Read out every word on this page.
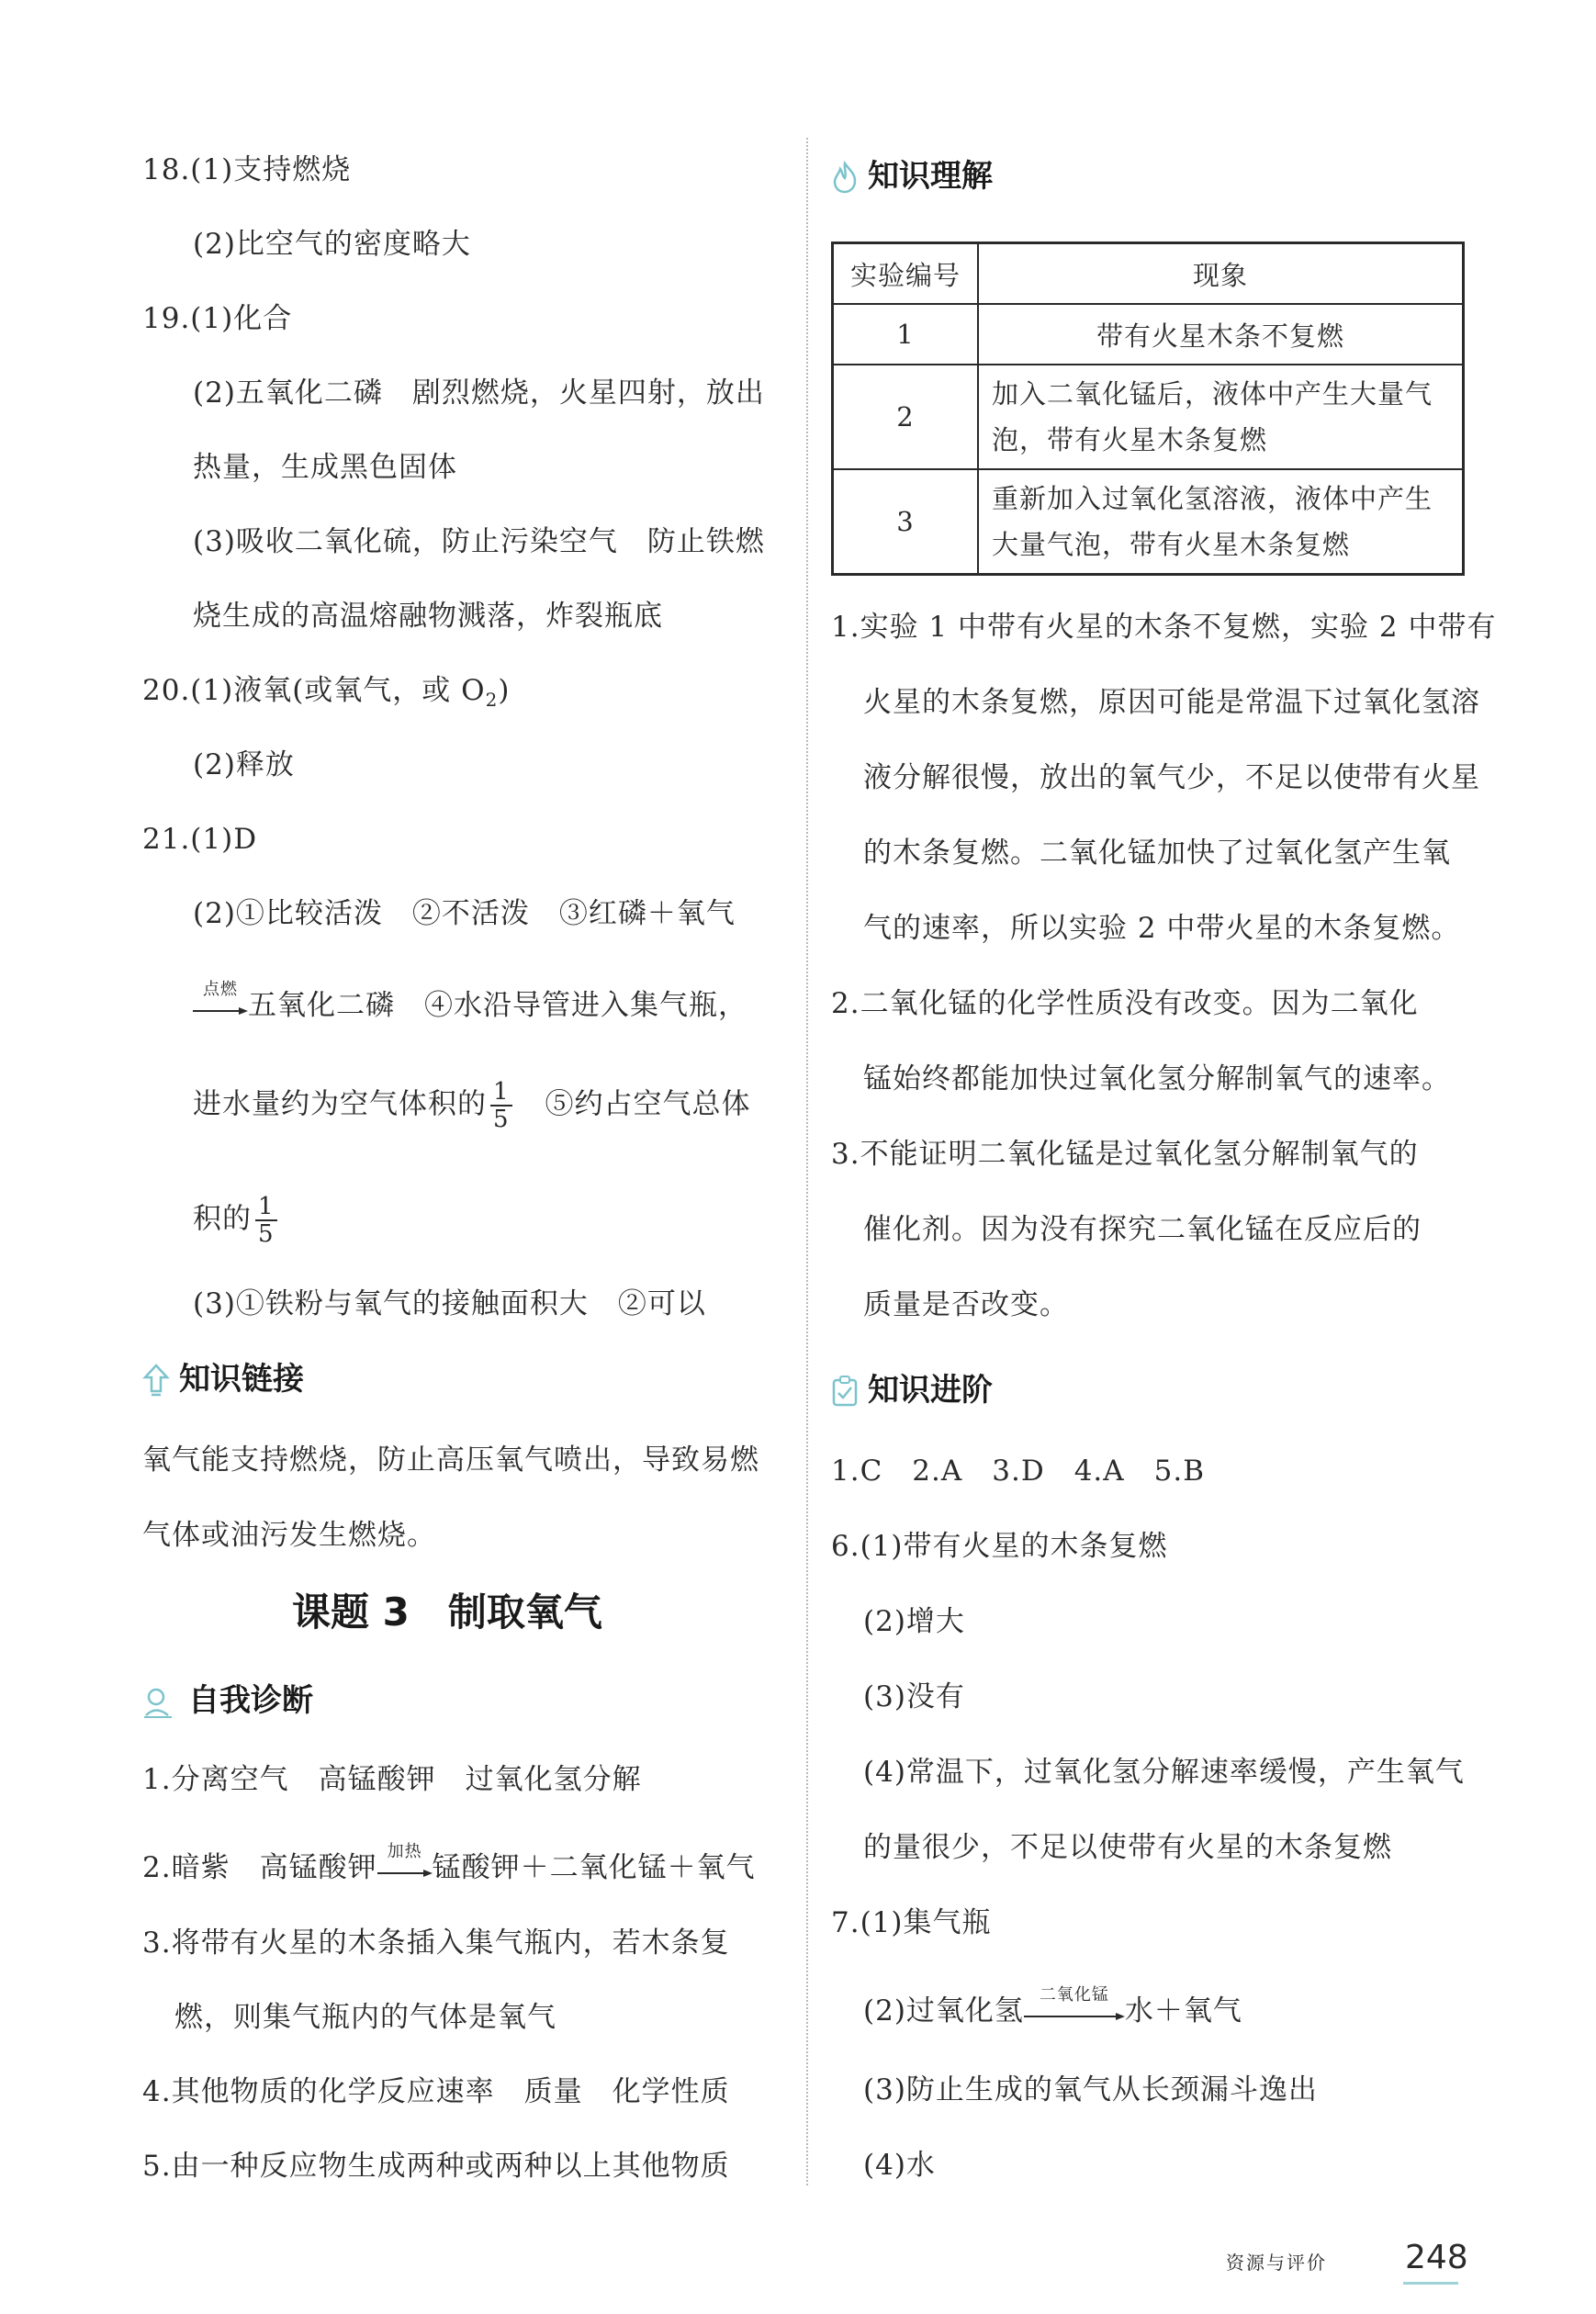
18.(1)支持燃烧
(2)比空气的密度略大
19.(1)化合
(2)五氧化二磷　剧烈燃烧，火星四射，放出
热量，生成黑色固体
(3)吸收二氧化硫，防止污染空气　防止铁燃
烧生成的高温熔融物溅落，炸裂瓶底
20.(1)液氧(或氧气，或 $O_2$)
(2)释放
21.(1)D
(2)①比较活泼　②不活泼　③红磷＋氧气
点燃 五氧化二磷　④水沿导管进入集气瓶，
进水量约为空气体积的 $\frac{1}{5}$
　 ⑤约占空气总体
积的 $\frac{1}{5}$
(3)①铁粉与氧气的接触面积大　②可以
知识链接
氧气能支持燃烧，防止高压氧气喷出，导致易燃
气体或油污发生燃烧。
课题 3　制取氧气
自我诊断
1.分离空气　高锰酸钾　过氧化氢分解
2.暗紫　高锰酸钾 加热 锰酸钾＋二氧化锰＋氧气
3.将带有火星的木条插入集气瓶内，若木条复
燃，则集气瓶内的气体是氧气
4.其他物质的化学反应速率　质量　化学性质
5.由一种反应物生成两种或两种以上其他物质
知识理解
实验编号	现象
1	带有火星木条不复燃
2	加入二氧化锰后，液体中产生大量气
泡，带有火星木条复燃

3	重新加入过氧化氢溶液，液体中产生
大量气泡，带有火星木条复燃
1.实验 1 中带有火星的木条不复燃，实验 2 中带有
火星的木条复燃，原因可能是常温下过氧化氢溶
液分解很慢，放出的氧气少，不足以使带有火星
的木条复燃。二氧化锰加快了过氧化氢产生氧
气的速率，所以实验 2 中带火星的木条复燃。
2.二氧化锰的化学性质没有改变。因为二氧化
锰始终都能加快过氧化氢分解制氧气的速率。
3.不能证明二氧化锰是过氧化氢分解制氧气的
催化剂。因为没有探究二氧化锰在反应后的
质量是否改变。
知识进阶
1.C　2.A　3.D　4.A　5.B
6.(1)带有火星的木条复燃
(2)增大
(3)没有
(4)常温下，过氧化氢分解速率缓慢，产生氧气
的量很少，不足以使带有火星的木条复燃
7.(1)集气瓶
(2)过氧化氢 二氧化锰 水＋氧气
(3)防止生成的氧气从长颈漏斗逸出
(4)水
资源与评价 248
